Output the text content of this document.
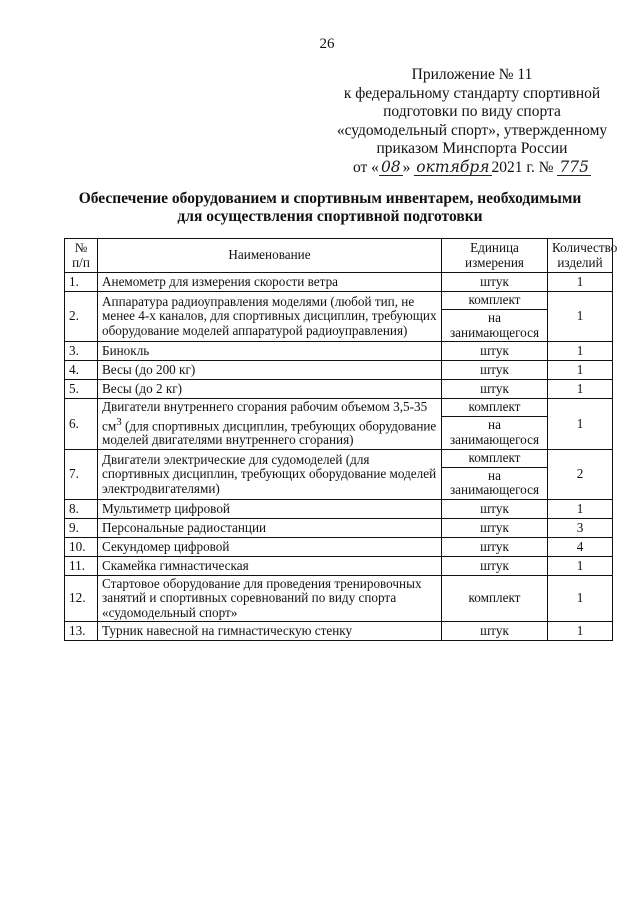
26
Приложение № 11
к федеральному стандарту спортивной
подготовки по виду спорта
«судомодельный спорт», утвержденному
приказом Минспорта России
от « 08 » октября 2021 г. № 775
Обеспечение оборудованием и спортивным инвентарем, необходимыми
для осуществления спортивной подготовки
№ п/п	Наименование	Единица измерения	Количество изделий
1.	Анемометр для измерения скорости ветра	штук	1
2.	Аппаратура радиоуправления моделями (любой тип, не менее 4-х каналов, для спортивных дисциплин, требующих оборудование моделей аппаратурой радиоуправления)	комплект	1
		на занимающегося	
3.	Бинокль	штук	1
4.	Весы (до 200 кг)	штук	1
5.	Весы (до 2 кг)	штук	1
6.	Двигатели внутреннего сгорания рабочим объемом 3,5-35 $см^3$ (для спортивных дисциплин, требующих оборудование моделей двигателями внутреннего сгорания)	комплект	1
		на занимающегося	
7.	Двигатели электрические для судомоделей (для спортивных дисциплин, требующих оборудование моделей электродвигателями)	комплект	2
		на занимающегося	
8.	Мультиметр цифровой	штук	1
9.	Персональные радиостанции	штук	3
10.	Секундомер цифровой	штук	4
11.	Скамейка гимнастическая	штук	1
12.	Стартовое оборудование для проведения тренировочных занятий и спортивных соревнований по виду спорта «судомодельный спорт»	комплект	1
13.	Турник навесной на гимнастическую стенку	штук	1
